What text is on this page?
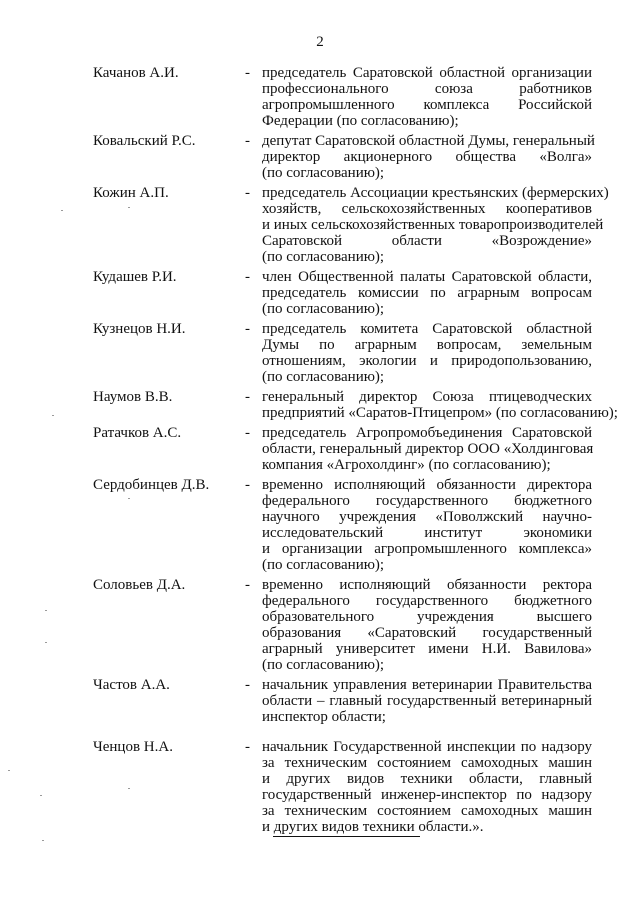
2
Качанов А.И.	- председатель Саратовской областной организации
профессионального союза работников
агропромышленного комплекса Российской
Федерации (по согласованию);
Ковальский Р.С.	- депутат Саратовской областной Думы, генеральный
директор акционерного общества «Волга»
(по согласованию);
Кожин А.П.	- председатель Ассоциации крестьянских (фермерских)
хозяйств, сельскохозяйственных кооперативов
и иных сельскохозяйственных товаропроизводителей
Саратовской области «Возрождение»
(по согласованию);
Кудашев Р.И.	- член Общественной палаты Саратовской области,
председатель комиссии по аграрным вопросам
(по согласованию);
Кузнецов Н.И.	- председатель комитета Саратовской областной
Думы по аграрным вопросам, земельным
отношениям, экологии и природопользованию,
(по согласованию);
Наумов В.В.	- генеральный директор Союза птицеводческих
предприятий «Саратов-Птицепром» (по согласованию);
Ратачков А.С.	- председатель Агропромобъединения Саратовской
области, генеральный директор ООО «Холдинговая
компания «Агрохолдинг» (по согласованию);
Сердобинцев Д.В.	- временно исполняющий обязанности директора
федерального государственного бюджетного
научного учреждения «Поволжский научно-
исследовательский институт экономики
и организации агропромышленного комплекса»
(по согласованию);
Соловьев Д.А.	- временно исполняющий обязанности ректора
федерального государственного бюджетного
образовательного учреждения высшего
образования «Саратовский государственный
аграрный университет имени Н.И. Вавилова»
(по согласованию);
Частов А.А.	- начальник управления ветеринарии Правительства
области – главный государственный ветеринарный
инспектор области;
Ченцов Н.А.	- начальник Государственной инспекции по надзору
за техническим состоянием самоходных машин
и других видов техники области, главный
государственный инженер-инспектор по надзору
за техническим состоянием самоходных машин
и других видов техники области.».
